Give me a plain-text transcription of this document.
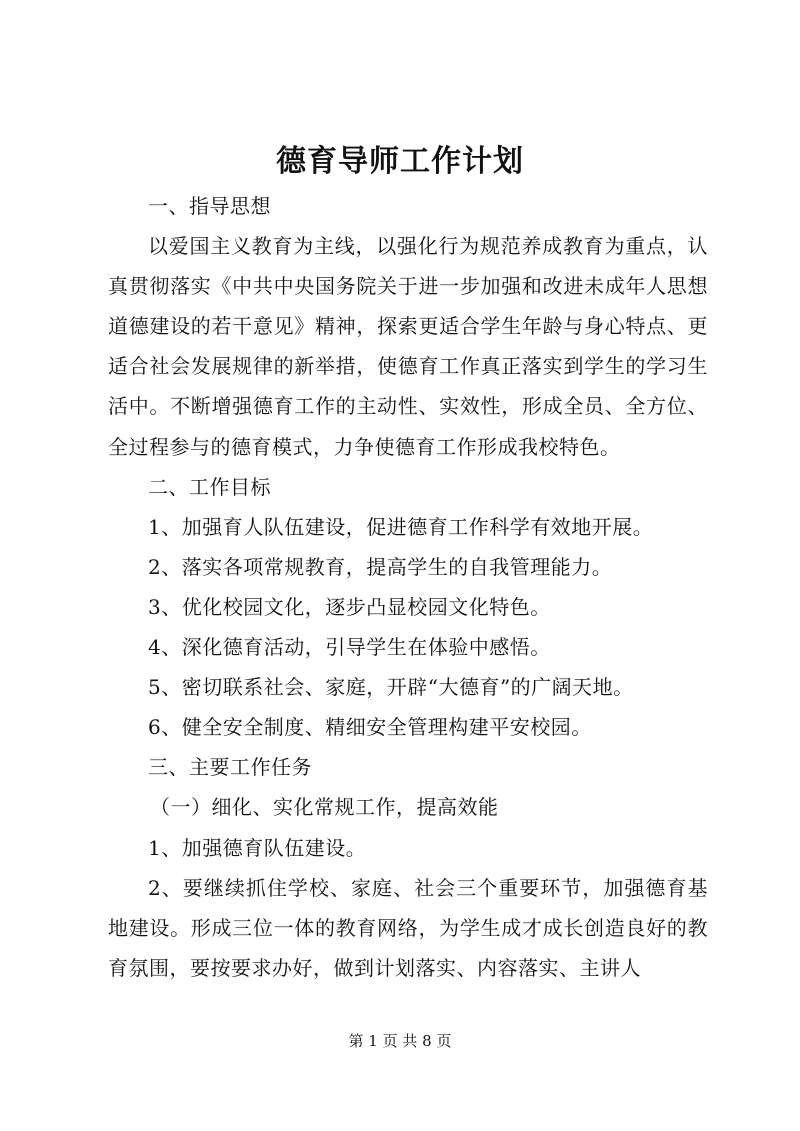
德育导师工作计划

一、指导思想

以爱国主义教育为主线，以强化行为规范养成教育为重点，认真贯彻落实《中共中央国务院关于进一步加强和改进未成年人思想道德建设的若干意见》精神，探索更适合学生年龄与身心特点、更适合社会发展规律的新举措，使德育工作真正落实到学生的学习生活中。不断增强德育工作的主动性、实效性，形成全员、全方位、全过程参与的德育模式，力争使德育工作形成我校特色。

二、工作目标

1、加强育人队伍建设，促进德育工作科学有效地开展。

2、落实各项常规教育，提高学生的自我管理能力。

3、优化校园文化，逐步凸显校园文化特色。

4、深化德育活动，引导学生在体验中感悟。

5、密切联系社会、家庭，开辟“大德育”的广阔天地。

6、健全安全制度、精细安全管理构建平安校园。

三、主要工作任务

（一）细化、实化常规工作，提高效能

1、加强德育队伍建设。

2、要继续抓住学校、家庭、社会三个重要环节，加强德育基地建设。形成三位一体的教育网络，为学生成才成长创造良好的教育氛围，要按要求办好，做到计划落实、内容落实、主讲人

第 1 页 共 8 页
